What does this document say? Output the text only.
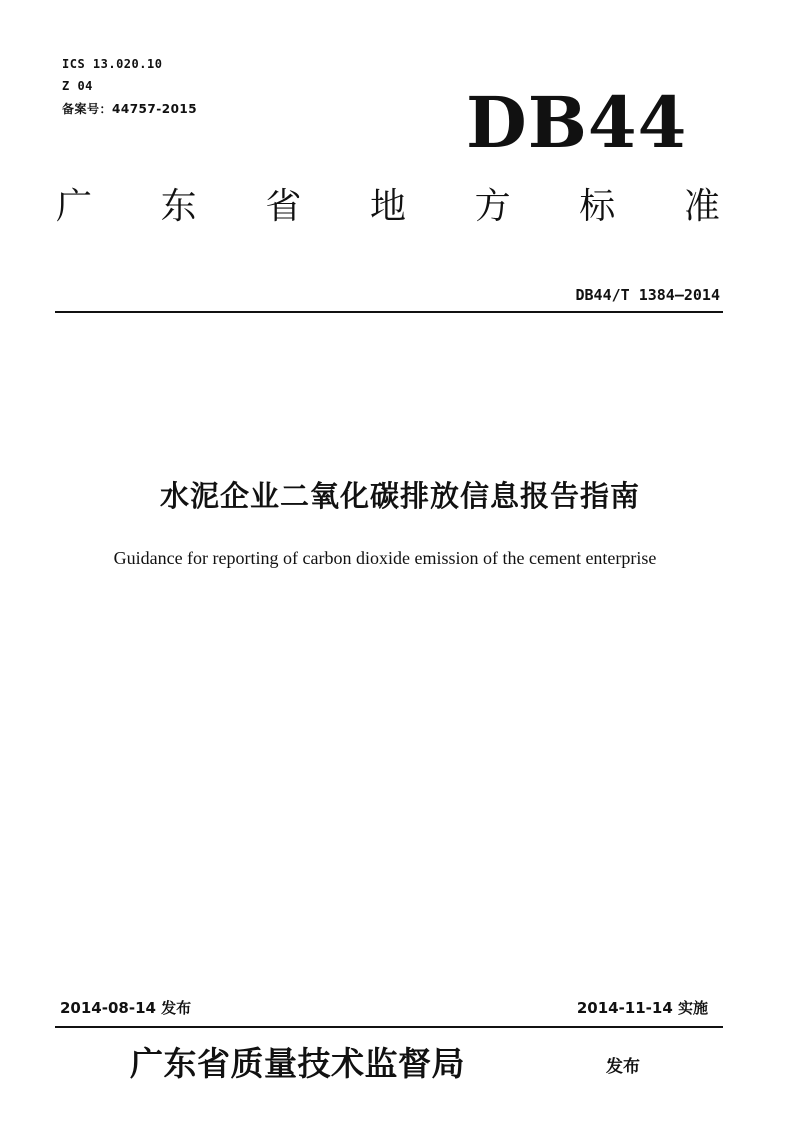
ICS 13.020.10
Z 04
备案号：44757-2015	DB44
广 东 省 地 方 标 准
DB44/T 1384—2014
水泥企业二氧化碳排放信息报告指南
Guidance for reporting of carbon dioxide emission of the cement enterprise
2014-08-14 发布	2014-11-14 实施
广东省质量技术监督局	发布
